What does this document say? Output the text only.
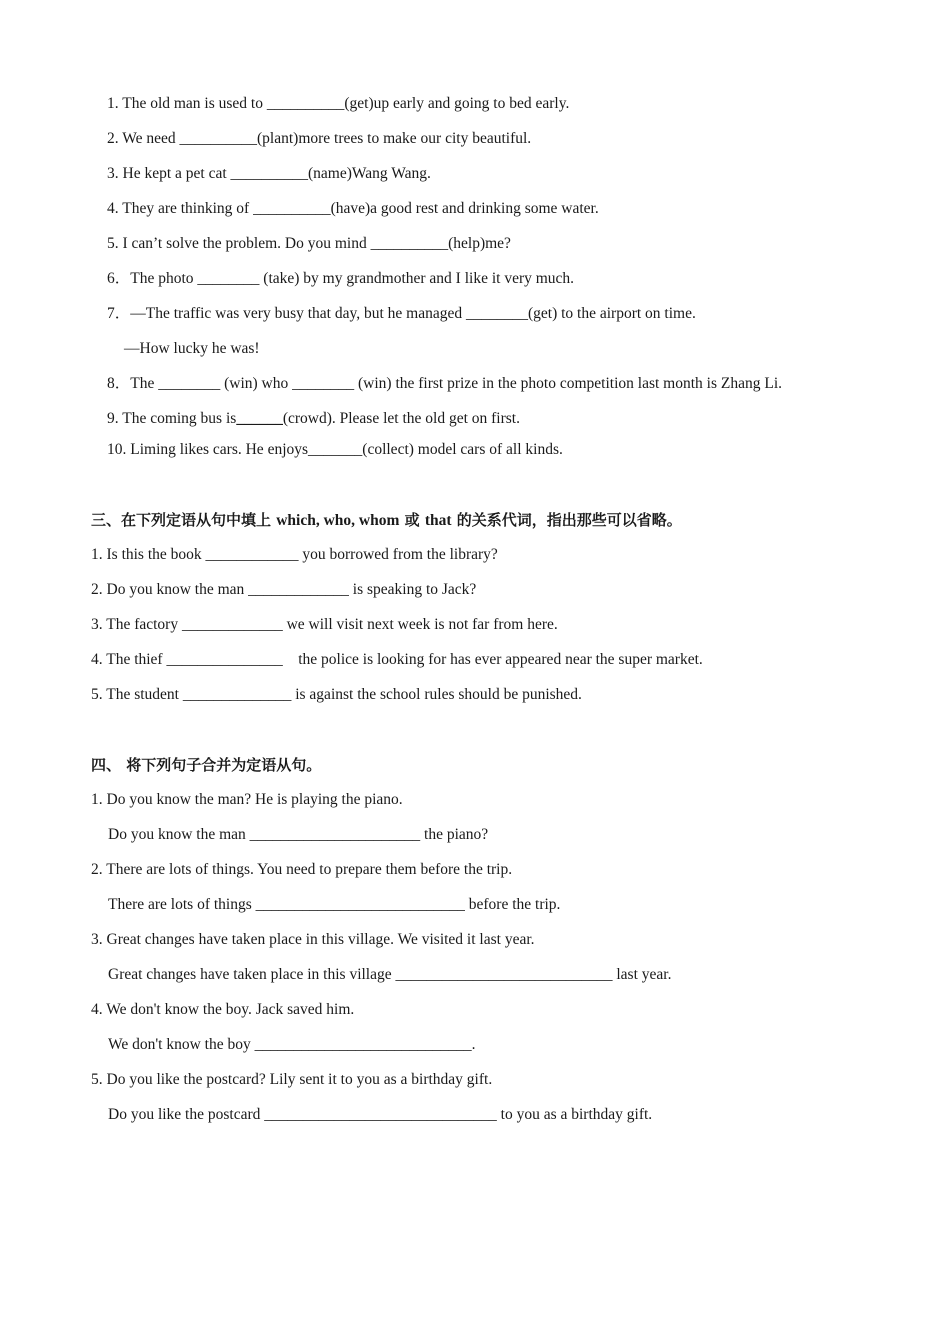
1. The old man is used to __________(get)up early and going to bed early.
2. We need __________(plant)more trees to make our city beautiful.
3. He kept a pet cat __________(name)Wang Wang.
4. They are thinking of __________(have)a good rest and drinking some water.
5. I can’t solve the problem. Do you mind __________(help)me?
6．The photo ________ (take) by my grandmother and I like it very much.
7．—The traffic was very busy that day, but he managed ________(get) to the airport on time.
—How lucky he was!
8．The ________ (win) who ________ (win) the first prize in the photo competition last month is Zhang Li.
9. The coming bus is______(crowd). Please let the old get on first.
10. Liming likes cars. He enjoys_______(collect) model cars of all kinds.
三、在下列定语从句中填上 which, who, whom 或 that 的关系代词，指出那些可以省略。
1. Is this the book ____________ you borrowed from the library?
2. Do you know the man _____________ is speaking to Jack?
3. The factory _____________ we will visit next week is not far from here.
4. The thief _______________    the police is looking for has ever appeared near the super market.
5. The student ______________ is against the school rules should be punished.
四、 将下列句子合并为定语从句。
1. Do you know the man? He is playing the piano.
Do you know the man ______________________ the piano?
2. There are lots of things. You need to prepare them before the trip.
There are lots of things ___________________________ before the trip.
3. Great changes have taken place in this village. We visited it last year.
Great changes have taken place in this village ____________________________ last year.
4. We don't know the boy. Jack saved him.
We don't know the boy ____________________________.
5. Do you like the postcard? Lily sent it to you as a birthday gift.
Do you like the postcard ______________________________ to you as a birthday gift.
